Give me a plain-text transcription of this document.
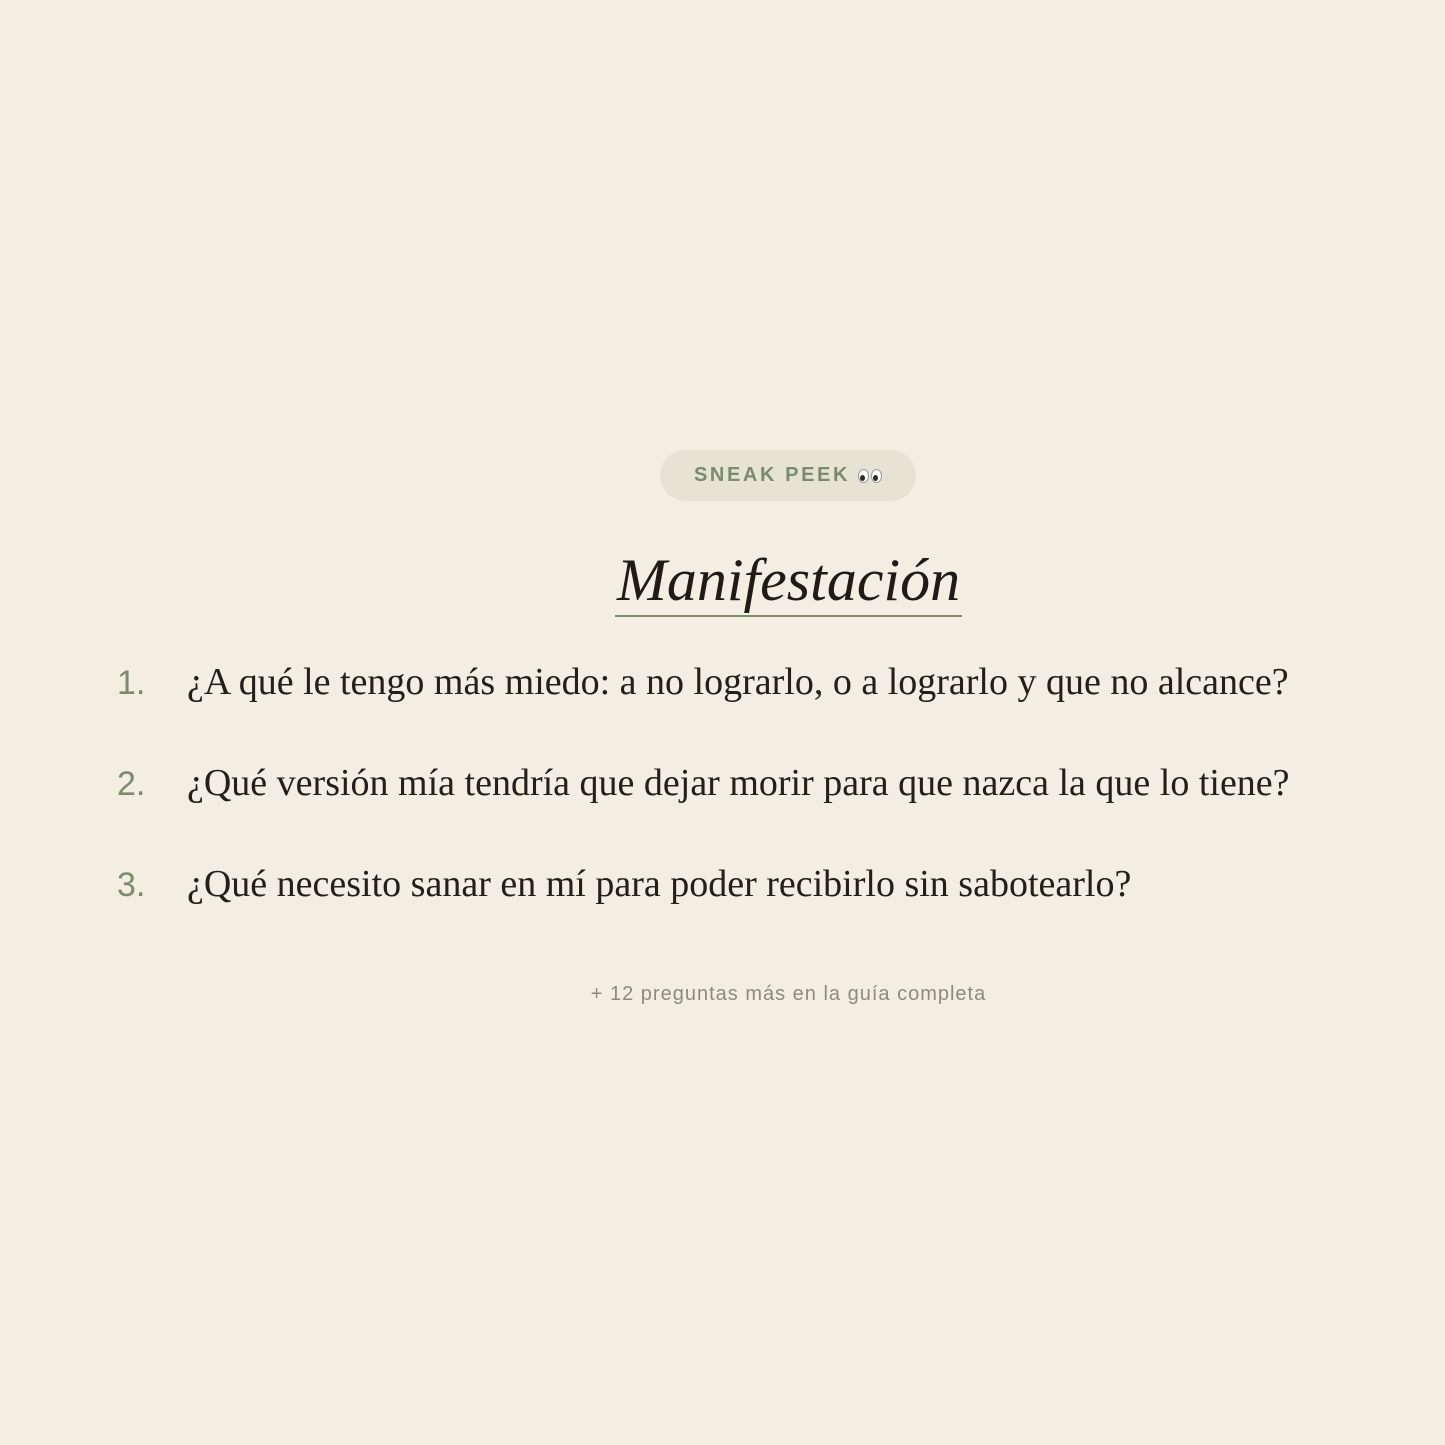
SNEAK PEEK
Manifestación
1.	¿A qué le tengo más miedo: a no lograrlo, o a lograrlo y que no alcance?
2.	¿Qué versión mía tendría que dejar morir para que nazca la que lo tiene?
3.	¿Qué necesito sanar en mí para poder recibirlo sin sabotearlo?
+ 12 preguntas más en la guía completa
